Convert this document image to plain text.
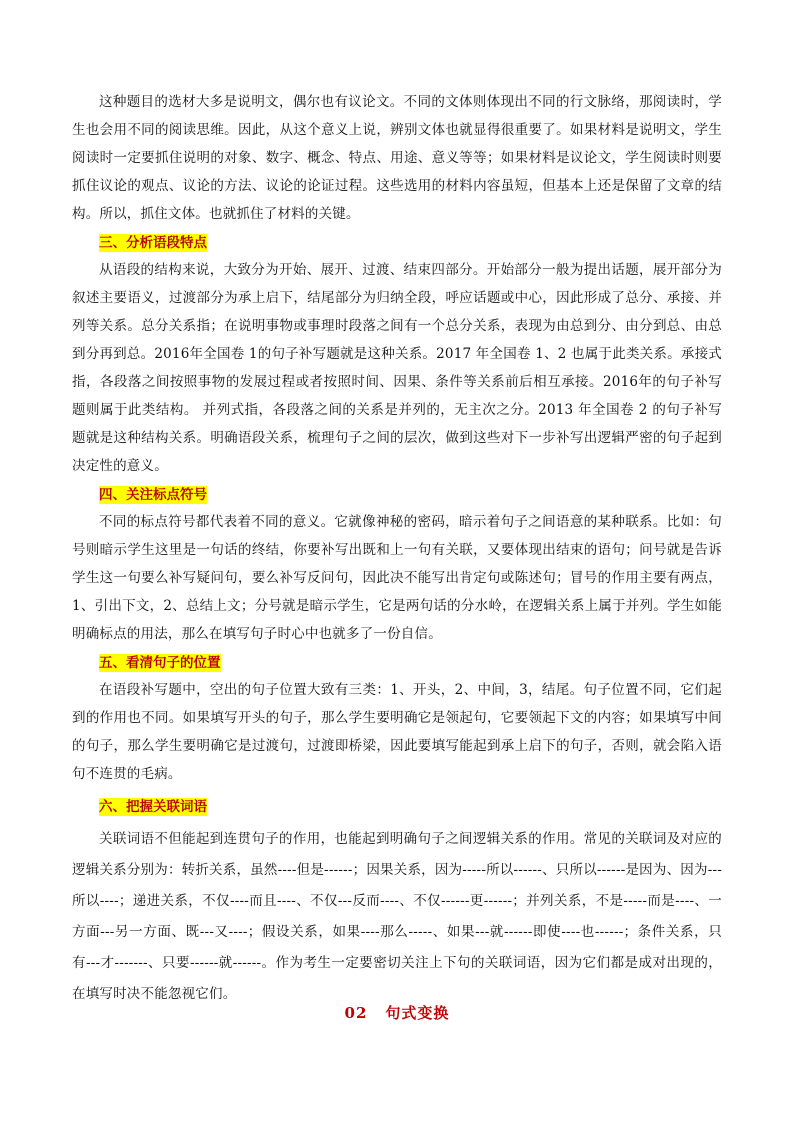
这种题目的选材大多是说明文，偶尔也有议论文。不同的文体则体现出不同的行文脉络，那阅读时，学生也会用不同的阅读思维。因此，从这个意义上说，辨别文体也就显得很重要了。如果材料是说明文，学生阅读时一定要抓住说明的对象、数字、概念、特点、用途、意义等等；如果材料是议论文，学生阅读时则要抓住议论的观点、议论的方法、议论的论证过程。这些选用的材料内容虽短，但基本上还是保留了文章的结构。所以，抓住文体。也就抓住了材料的关键。

三、分析语段特点

从语段的结构来说，大致分为开始、展开、过渡、结束四部分。开始部分一般为提出话题，展开部分为叙述主要语义，过渡部分为承上启下，结尾部分为归纳全段，呼应话题或中心，因此形成了总分、承接、并列等关系。总分关系指；在说明事物或事理时段落之间有一个总分关系，表现为由总到分、由分到总、由总到分再到总。2016年全国卷 1的句子补写题就是这种关系。2017 年全国卷 1、2 也属于此类关系。承接式指，各段落之间按照事物的发展过程或者按照时间、因果、条件等关系前后相互承接。2016年的句子补写题则属于此类结构。 并列式指，各段落之间的关系是并列的，无主次之分。2013 年全国卷 2 的句子补写题就是这种结构关系。明确语段关系，梳理句子之间的层次，做到这些对下一步补写出逻辑严密的句子起到决定性的意义。

四、关注标点符号

不同的标点符号都代表着不同的意义。它就像神秘的密码，暗示着句子之间语意的某种联系。比如：句号则暗示学生这里是一句话的终结，你要补写出既和上一句有关联，又要体现出结束的语句；问号就是告诉学生这一句要么补写疑问句，要么补写反问句，因此决不能写出肯定句或陈述句；冒号的作用主要有两点，1、引出下文，2、总结上文；分号就是暗示学生，它是两句话的分水岭，在逻辑关系上属于并列。学生如能明确标点的用法，那么在填写句子时心中也就多了一份自信。

五、看清句子的位置

在语段补写题中，空出的句子位置大致有三类：1、开头，2、中间，3，结尾。句子位置不同，它们起到的作用也不同。如果填写开头的句子，那么学生要明确它是领起句，它要领起下文的内容；如果填写中间的句子，那么学生要明确它是过渡句，过渡即桥梁，因此要填写能起到承上启下的句子，否则，就会陷入语句不连贯的毛病。

六、把握关联词语

关联词语不但能起到连贯句子的作用，也能起到明确句子之间逻辑关系的作用。常见的关联词及对应的逻辑关系分别为：转折关系，虽然----但是------；因果关系，因为-----所以------、只所以------是因为、因为---所以----；递进关系，不仅----而且----、不仅---反而----、不仅------更------；并列关系，不是-----而是----、一方面---另一方面、既---又----；假设关系，如果----那么-----、如果---就------即使----也------；条件关系，只有---才-------、只要------就------。作为考生一定要密切关注上下句的关联词语，因为它们都是成对出现的，在填写时决不能忽视它们。

02 句式变换
